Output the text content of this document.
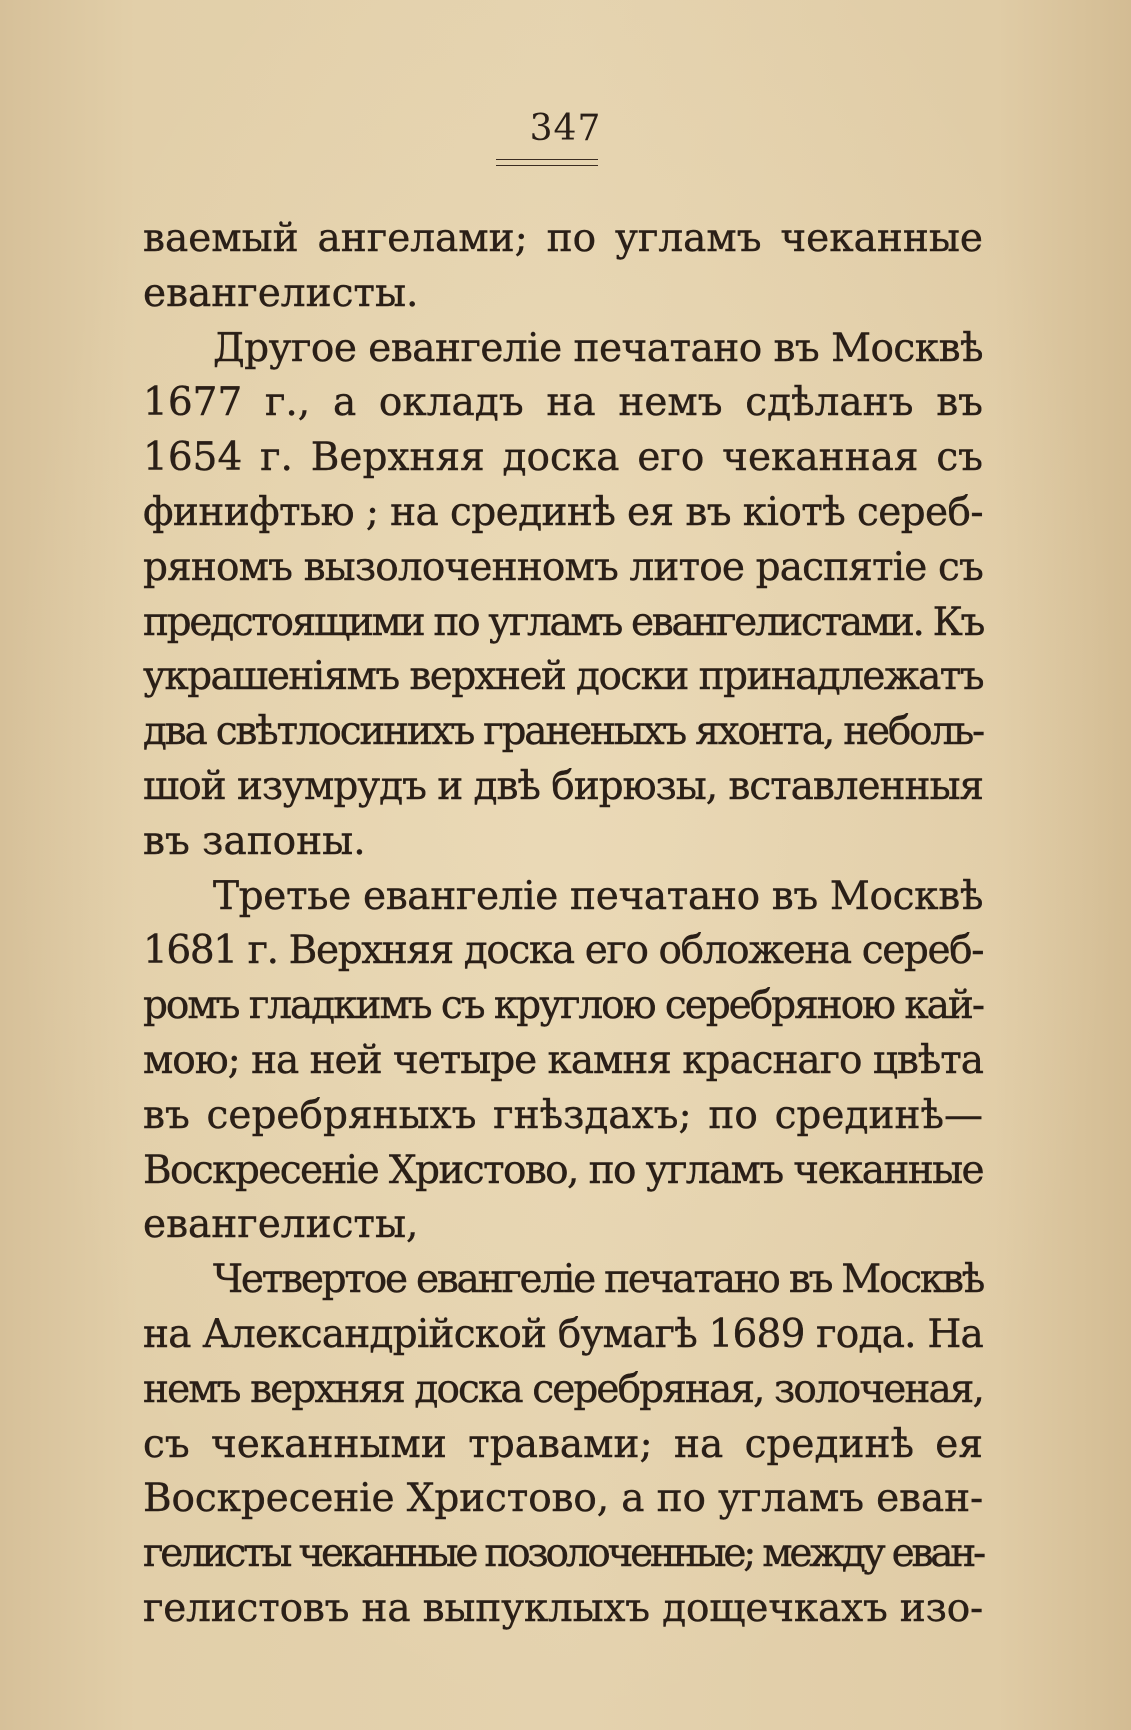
347
ваемый ангелами; по угламъ чеканные
евангелисты.
Другое евангеліе печатано въ Москвѣ
1677 г., а окладъ на немъ сдѣланъ въ
1654 г. Верхняя доска его чеканная съ
финифтью ; на срединѣ ея въ кіотѣ сереб-
ряномъ вызолоченномъ литое распятіе съ
предстоящими по угламъ евангелистами. Къ
украшеніямъ верхней доски принадлежатъ
два свѣтлосинихъ граненыхъ яхонта, неболь-
шой изумрудъ и двѣ бирюзы, вставленныя
въ запоны.
Третье евангеліе печатано въ Москвѣ
1681 г. Верхняя доска его обложена сереб-
ромъ гладкимъ съ круглою серебряною кай-
мою; на ней четыре камня краснаго цвѣта
въ серебряныхъ гнѣздахъ; по срединѣ—
Воскресеніе Христово, по угламъ чеканные
евангелисты,
Четвертое евангеліе печатано въ Москвѣ
на Александрійской бумагѣ 1689 года. На
немъ верхняя доска серебряная, золоченая,
съ чеканными травами; на срединѣ ея
Воскресеніе Христово, а по угламъ еван-
гелисты чеканные позолоченные; между еван-
гелистовъ на выпуклыхъ дощечкахъ изо-
